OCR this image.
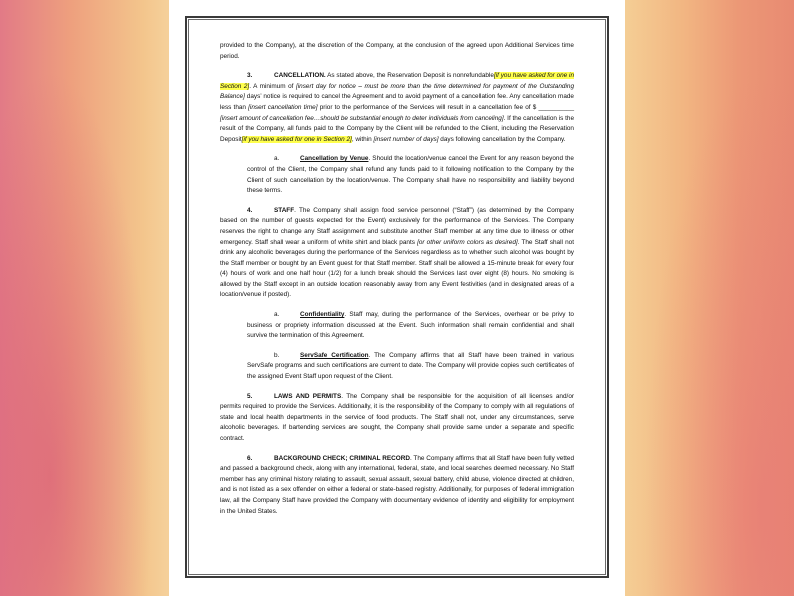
provided to the Company), at the discretion of the Company, at the conclusion of the agreed upon Additional Services time period.

3.	CANCELLATION. As stated above, the Reservation Deposit is nonrefundable[if you have asked for one in Section 2]. A minimum of [insert day for notice – must be more than the time determined for payment of the Outstanding Balance] days’ notice is required to cancel the Agreement and to avoid payment of a cancellation fee. Any cancellation made less than [insert cancellation time] prior to the performance of the Services will result in a cancellation fee of $ __________ [insert amount of cancellation fee…should be substantial enough to deter individuals from canceling]. If the cancellation is the result of the Company, all funds paid to the Company by the Client will be refunded to the Client, including the Reservation Deposit[if you have asked for one in Section 2], within [insert number of days] days following cancellation by the Company.

a.	Cancellation by Venue. Should the location/venue cancel the Event for any reason beyond the control of the Client, the Company shall refund any funds paid to it following notification to the Company by the Client of such cancellation by the location/venue. The Company shall have no responsibility and liability beyond these terms.

4.	STAFF. The Company shall assign food service personnel (“Staff”) (as determined by the Company based on the number of guests expected for the Event) exclusively for the performance of the Services. The Company reserves the right to change any Staff assignment and substitute another Staff member at any time due to illness or other emergency. Staff shall wear a uniform of white shirt and black pants [or other uniform colors as desired]. The Staff shall not drink any alcoholic beverages during the performance of the Services regardless as to whether such alcohol was bought by the Staff member or bought by an Event guest for that Staff member. Staff shall be allowed a 15-minute break for every four (4) hours of work and one half hour (1/2) for a lunch break should the Services last over eight (8) hours. No smoking is allowed by the Staff except in an outside location reasonably away from any Event festivities (and in designated areas of a location/venue if posted).

a.	Confidentiality. Staff may, during the performance of the Services, overhear or be privy to business or propriety information discussed at the Event. Such information shall remain confidential and shall survive the termination of this Agreement.

b.	ServSafe Certification. The Company affirms that all Staff have been trained in various ServSafe programs and such certifications are current to date. The Company will provide copies such certificates of the assigned Event Staff upon request of the Client.

5.	LAWS AND PERMITS. The Company shall be responsible for the acquisition of all licenses and/or permits required to provide the Services. Additionally, it is the responsibility of the Company to comply with all regulations of state and local health departments in the service of food products. The Staff shall not, under any circumstances, serve alcoholic beverages. If bartending services are sought, the Company shall provide same under a separate and specific contract.

6.	BACKGROUND CHECK; CRIMINAL RECORD. The Company affirms that all Staff have been fully vetted and passed a background check, along with any international, federal, state, and local searches deemed necessary. No Staff member has any criminal history relating to assault, sexual assault, sexual battery, child abuse, violence directed at children, and is not listed as a sex offender on either a federal or state-based registry. Additionally, for purposes of federal immigration law, all the Company Staff have provided the Company with documentary evidence of identity and eligibility for employment in the United States.
